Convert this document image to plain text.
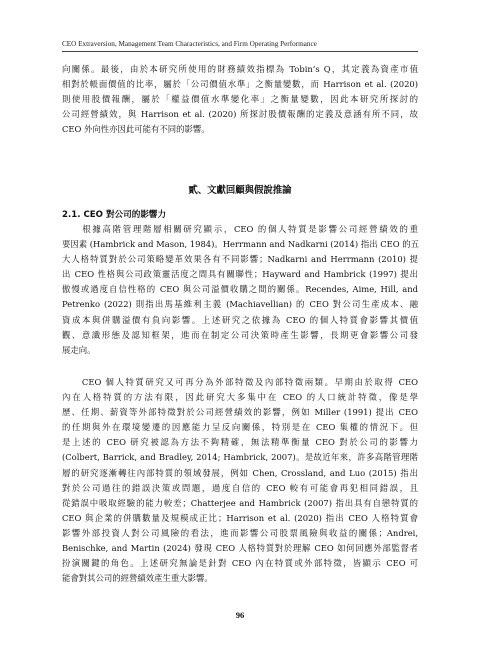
CEO Extraversion, Management Team Characteristics, and Firm Operating Performance
向關係。最後，由於本研究所使用的財務績效指標為 Tobin’s Q，其定義為資產市值
相對於帳面價值的比率，屬於「公司價值水準」之衡量變數，而 Harrison et al. (2020)
則使用股價報酬，屬於「權益價值水準變化率」之衡量變數，因此本研究所探討的
公司經營績效，與 Harrison et al. (2020) 所探討股價報酬的定義及意涵有所不同，故
CEO 外向性亦因此可能有不同的影響。
貳、文獻回顧與假說推論
2.1. CEO 對公司的影響力
　　根據高階管理階層相關研究顯示，CEO 的個人特質是影響公司經營績效的重
要因素 (Hambrick and Mason, 1984)。Herrmann and Nadkarni (2014) 指出 CEO 的五
大人格特質對於公司策略變革效果各有不同影響；Nadkarni and Herrmann (2010) 提
出 CEO 性格與公司政策靈活度之間具有關聯性；Hayward and Hambrick (1997) 提出
傲慢或過度自信性格的 CEO 與公司溢價收購之間的關係。Recendes, Aime, Hill, and
Petrenko (2022) 則指出馬基維利主義 (Machiavellian) 的 CEO 對公司生產成本、融
資成本與併購溢價有負向影響。上述研究之依據為 CEO 的個人特質會影響其價值
觀、意識形態及認知框架，進而在制定公司決策時產生影響，長期更會影響公司發
展走向。
　　CEO 個人特質研究又可再分為外部特徵及內部特徵兩類。早期由於取得 CEO
內在人格特質的方法有限，因此研究大多集中在 CEO 的人口統計特徵，像是學
歷、任期、薪資等外部特徵對於公司經營績效的影響，例如 Miller (1991) 提出 CEO
的任期與外在環境變遷的因應能力呈反向關係，特別是在 CEO 集權的情況下。但
是上述的 CEO 研究被認為方法不夠精確，無法精準衡量 CEO 對於公司的影響力
(Colbert, Barrick, and Bradley, 2014; Hambrick, 2007)。是故近年來，許多高階管理階
層的研究逐漸轉往內部特質的領域發展，例如 Chen, Crossland, and Luo (2015) 指出
對於公司過往的錯誤決策或問題，過度自信的 CEO 較有可能會再犯相同錯誤，且
從錯誤中吸取經驗的能力較差；Chatterjee and Hambrick (2007) 指出具有自戀特質的
CEO 與企業的併購數量及規模成正比；Harrison et al. (2020) 指出 CEO 人格特質會
影響外部投資人對公司風險的看法，進而影響公司股票風險與收益的關係；Andrei,
Benischke, and Martin (2024) 發現 CEO 人格特質對於理解 CEO 如何回應外部監督者
扮演關鍵的角色。上述研究無論是針對 CEO 內在特質或外部特徵，皆顯示 CEO 可
能會對其公司的經營績效產生重大影響。
96
